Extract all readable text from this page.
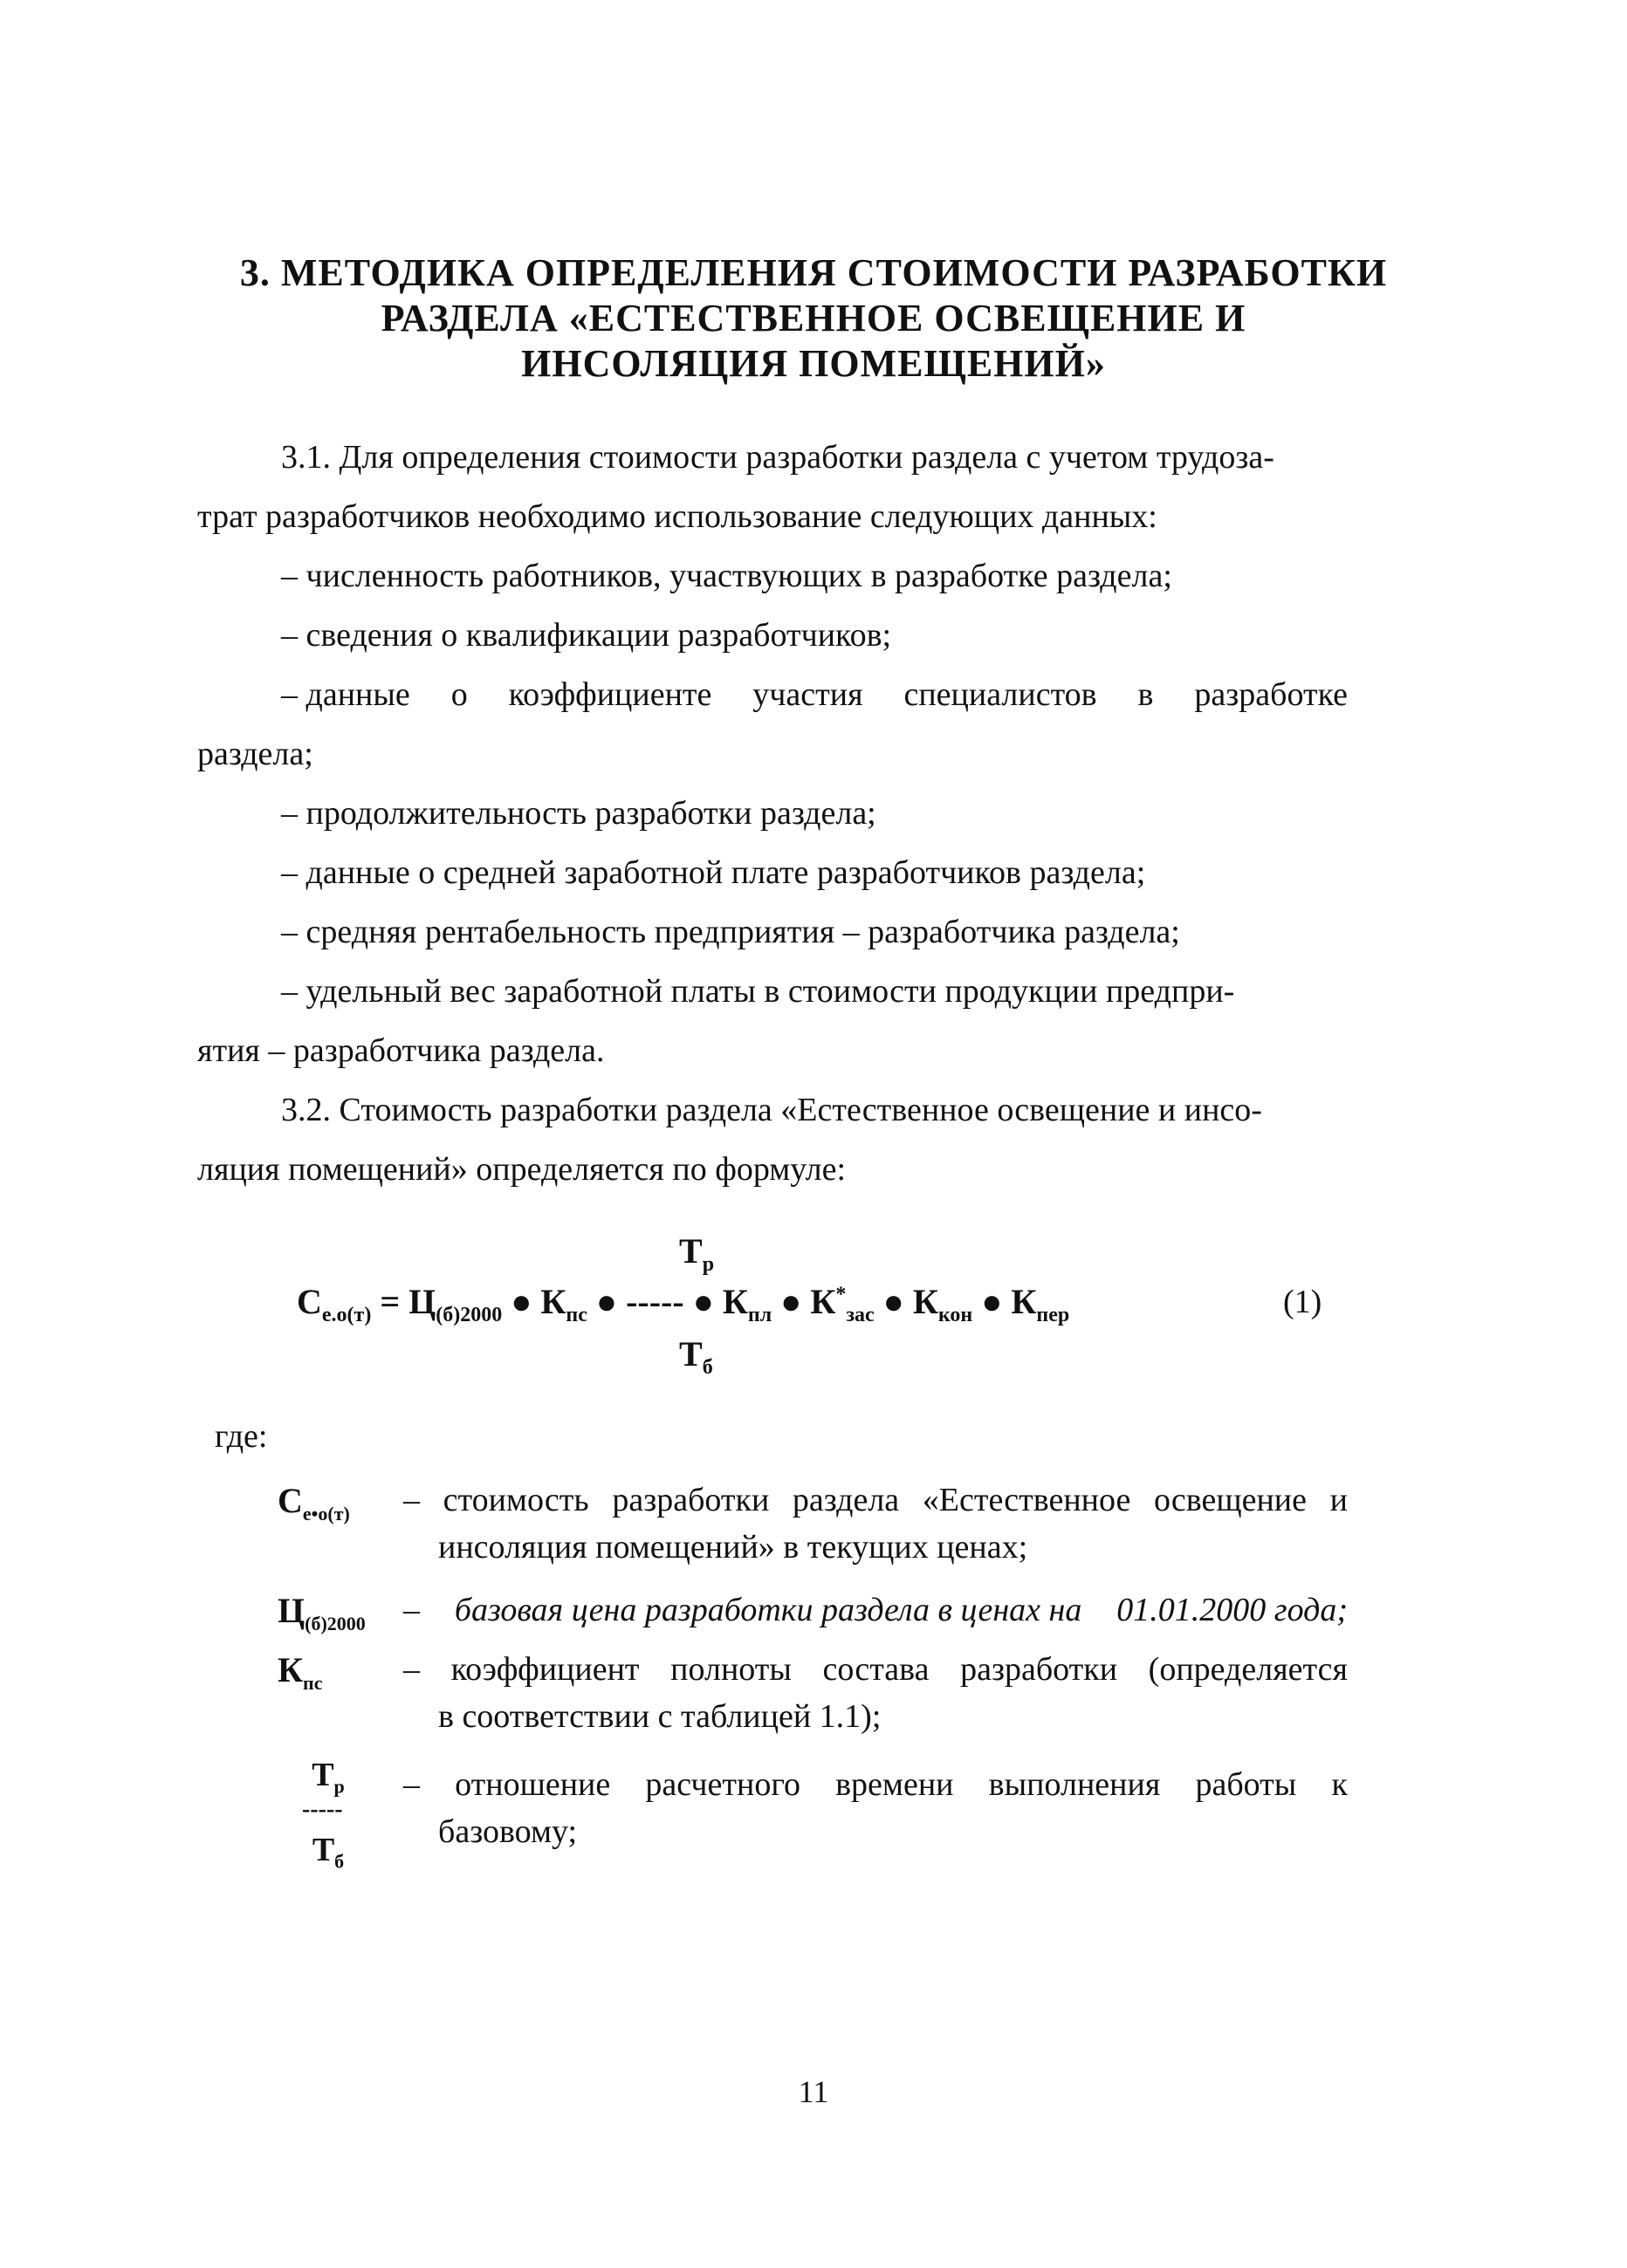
3. МЕТОДИКА ОПРЕДЕЛЕНИЯ СТОИМОСТИ РАЗРАБОТКИ
РАЗДЕЛА «ЕСТЕСТВЕННОЕ ОСВЕЩЕНИЕ И
ИНСОЛЯЦИЯ ПОМЕЩЕНИЙ»
3.1. Для определения стоимости разработки раздела с учетом трудоза-
трат разработчиков необходимо использование следующих данных:
– численность работников, участвующих в разработке раздела;
– сведения о квалификации разработчиков;
– данные о коэффициенте участия специалистов в разработке
раздела;
– продолжительность разработки раздела;
– данные о средней заработной плате разработчиков раздела;
– средняя рентабельность предприятия – разработчика раздела;
– удельный вес заработной платы в стоимости продукции предпри-
ятия – разработчика раздела.
3.2. Стоимость разработки раздела «Естественное освещение и инсо-
ляция помещений» определяется по формуле:
$Т_р$
$С_{е.о(т)} = Ц_{(б)2000}$ ● $К_{пс}$ ● ----- ● $К_{пл}$ ● $К^*_{зас}$ ● $К_{кон}$ ● $К_{пер}$
$Т_б$
(1)
где:
$С_{е•о(т)}$ – стоимость разработки раздела «Естественное освещение и
инсоляция помещений» в текущих ценах;
$Ц_{(б)2000}$ – базовая цена разработки раздела в ценах на 01.01.2000 года;
$К_{пс}$ – коэффициент полноты состава разработки (определяется
в соответствии с таблицей 1.1);
$Т_р$
-----
$Т_б$
– отношение расчетного времени выполнения работы к
базовому;
11
